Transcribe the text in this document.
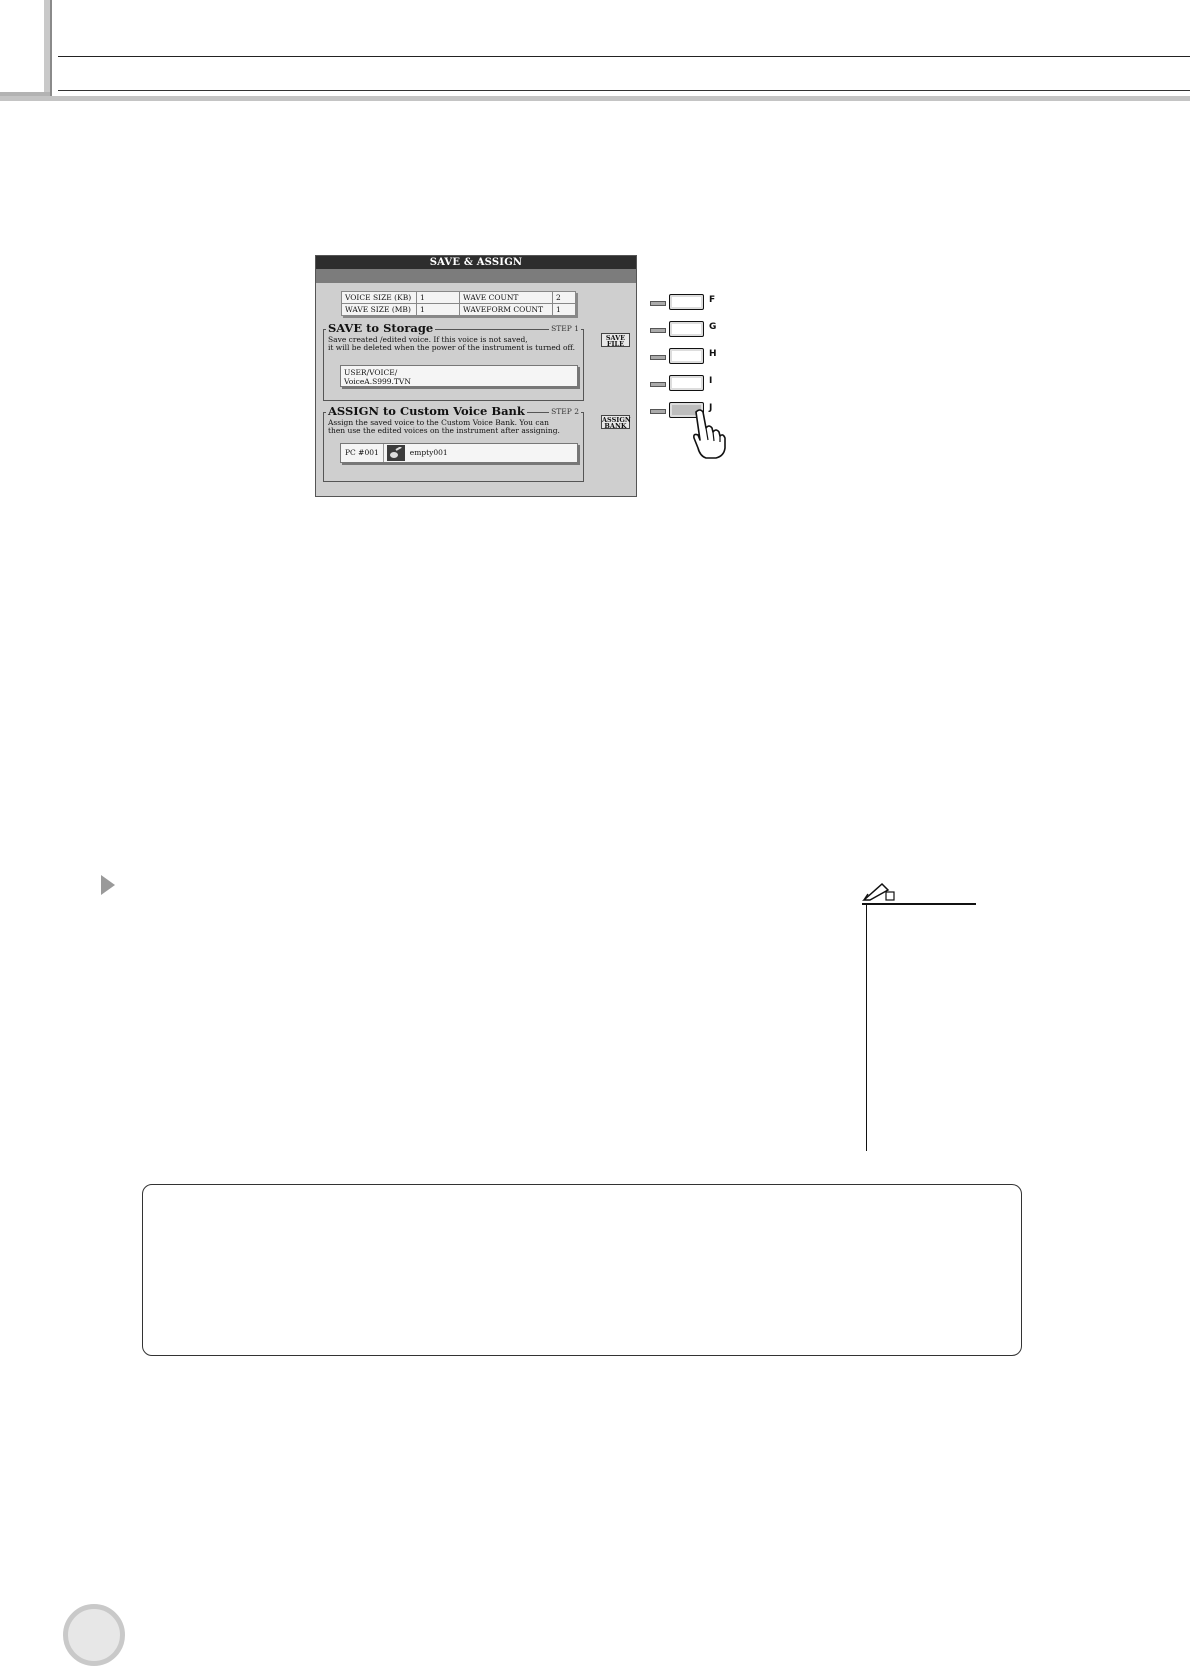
SAVE & ASSIGN
VOICE SIZE (KB)	1	WAVE COUNT	2
WAVE SIZE (MB)	1	WAVEFORM COUNT	1
SAVE to Storage	STEP 1
Save created /edited voice. If this voice is not saved,
it will be deleted when the power of the instrument is turned off.
USER/VOICE/
VoiceA.S999.TVN
SAVE FILE
ASSIGN to Custom Voice Bank	STEP 2
Assign the saved voice to the Custom Voice Bank. You can
then use the edited voices on the instrument after assigning.
PC #001	empty001
ASSIGN BANK
F
G
H
I
J
